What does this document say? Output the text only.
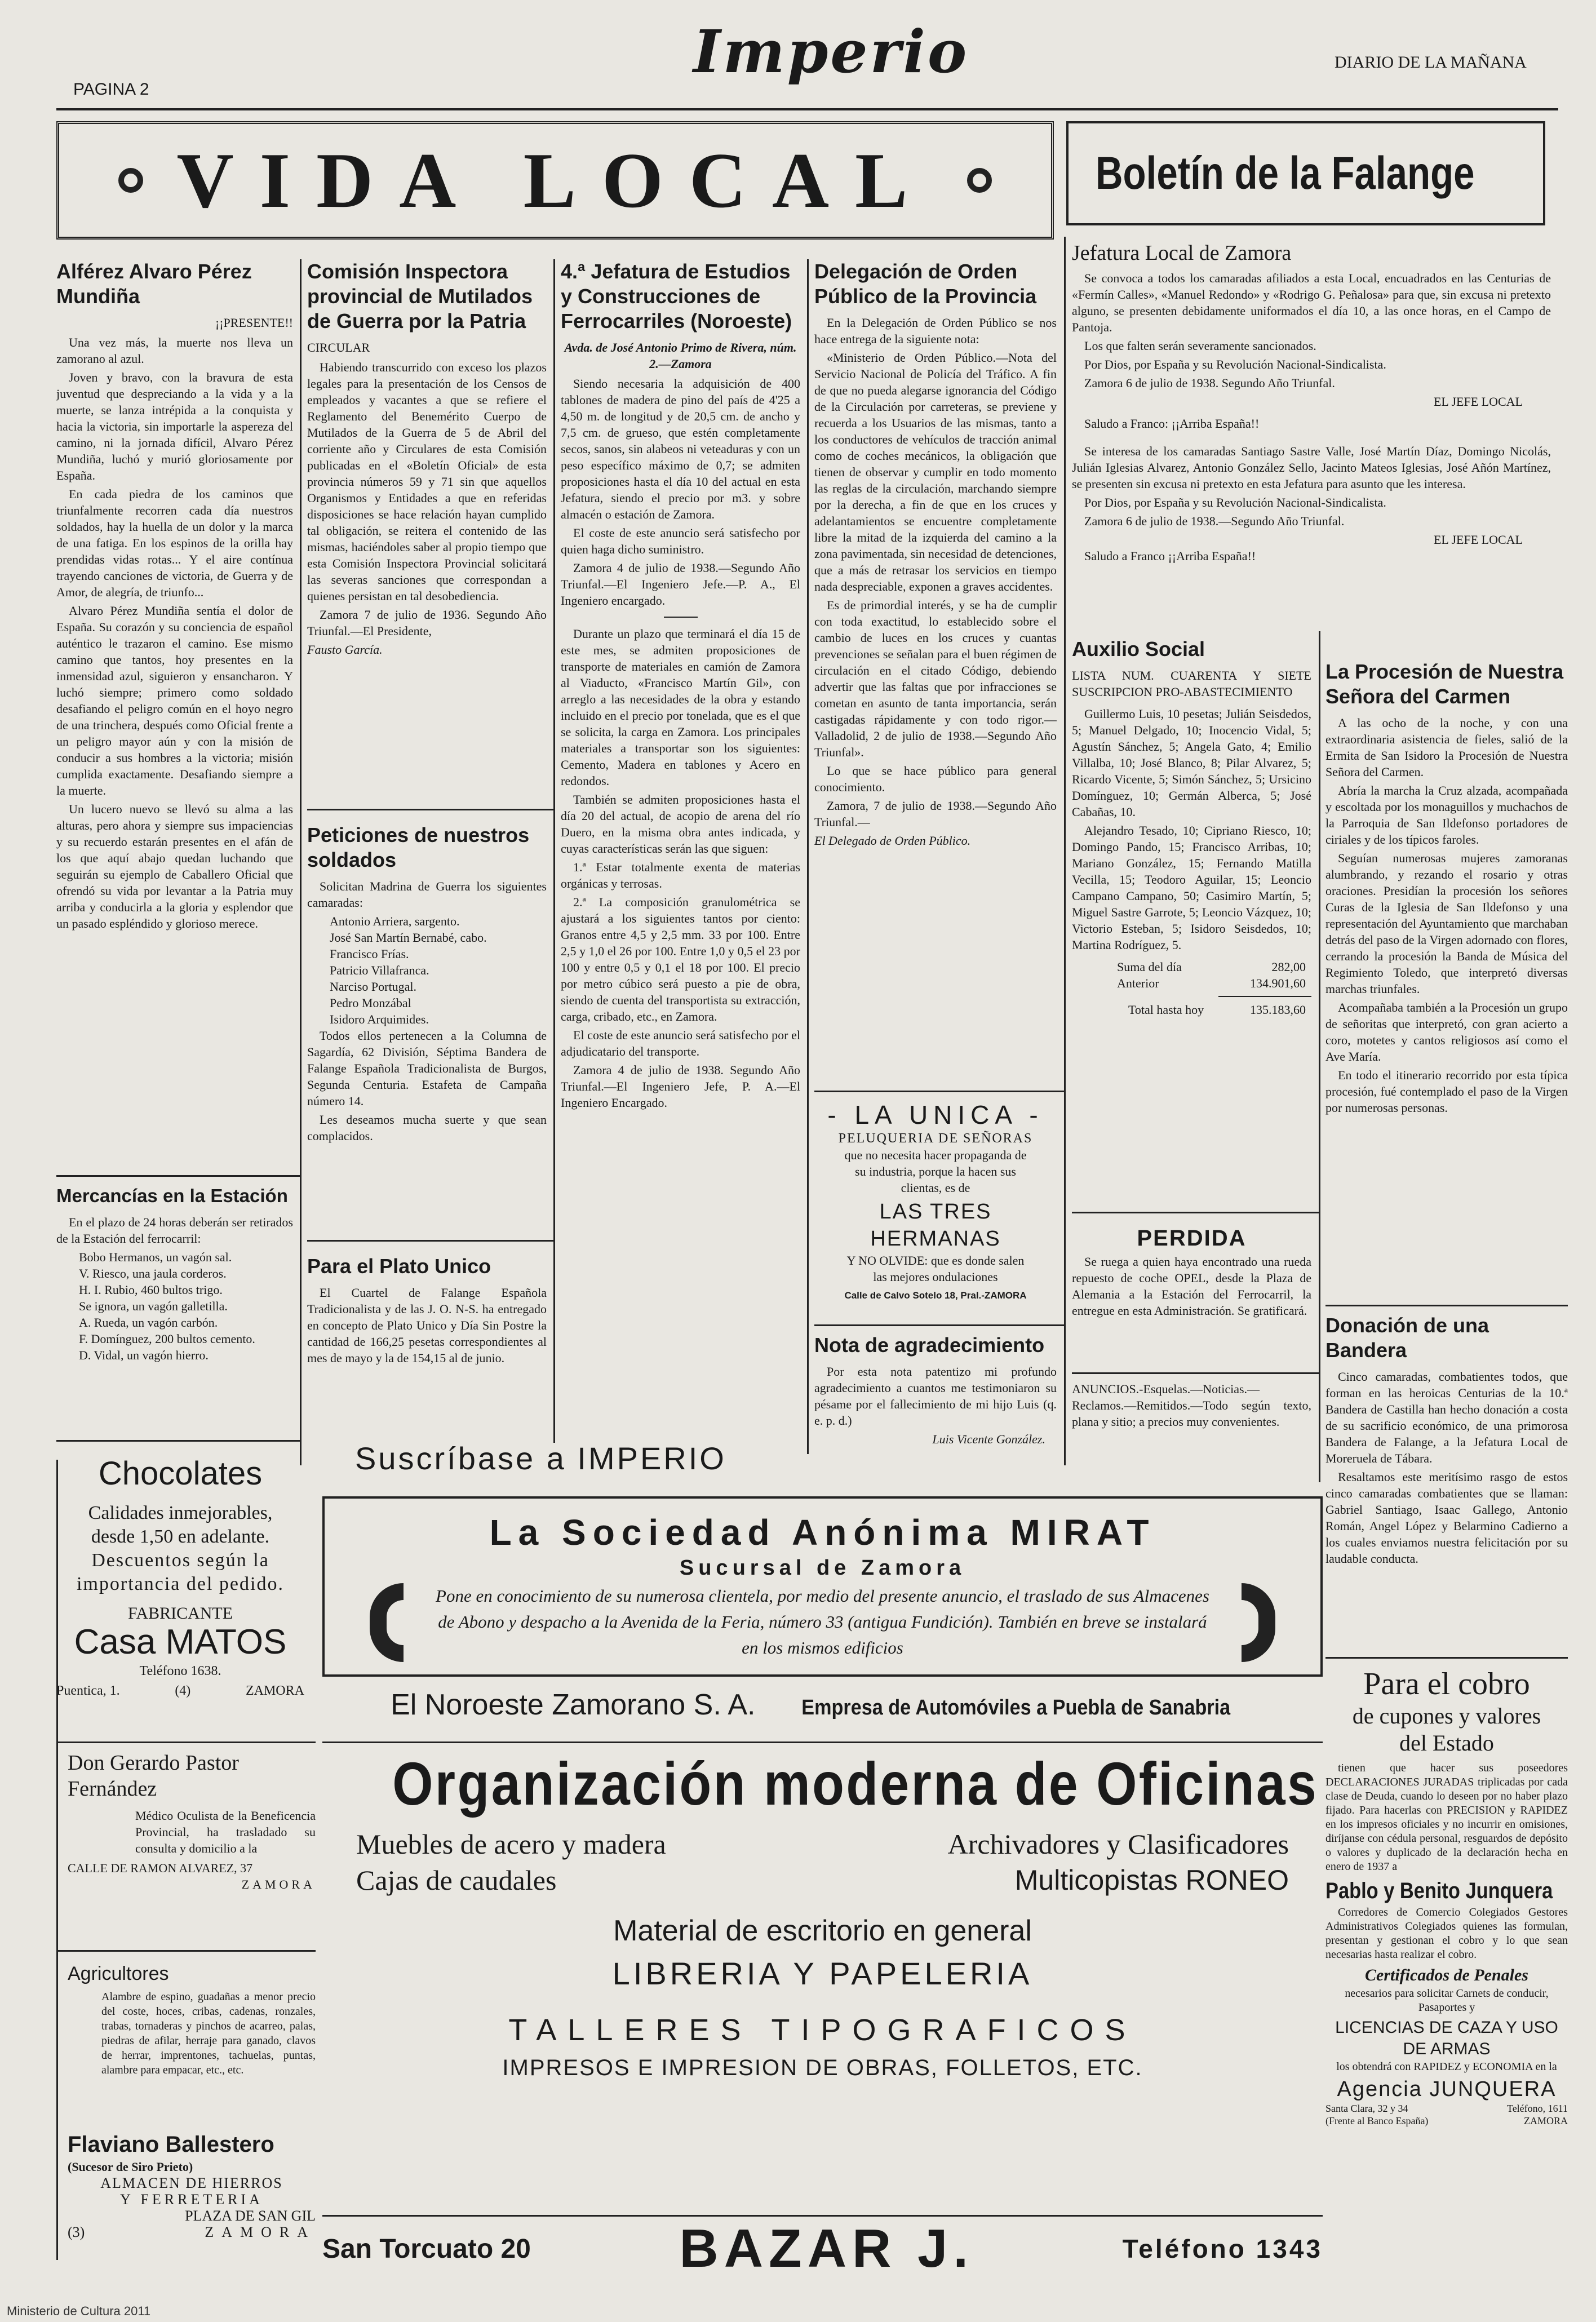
PAGINA 2
Imperio	DIARIO DE LA MAÑANA
VIDA LOCAL	Boletín de la Falange
Alférez Alvaro Pérez Mundiña
¡¡PRESENTE!!

Una vez más, la muerte nos lleva un zamorano al azul.

Joven y bravo, con la bravura de esta juventud que despreciando a la vida y a la muerte, se lanza intrépida a la conquista y hacia la victoria, sin importarle la aspereza del camino, ni la jornada difícil, Alvaro Pérez Mundiña, luchó y murió gloriosamente por España.

En cada piedra de los caminos que triunfalmente recorren cada día nuestros soldados, hay la huella de un dolor y la marca de una fatiga. En los espinos de la orilla hay prendidas vidas rotas... Y el aire contínua trayendo canciones de victoria, de Guerra y de Amor, de alegría, de triunfo...

Alvaro Pérez Mundiña sentía el dolor de España. Su corazón y su conciencia de español auténtico le trazaron el camino. Ese mismo camino que tantos, hoy presentes en la inmensidad azul, siguieron y ensancharon. Y luchó siempre; primero como soldado desafiando el peligro común en el hoyo negro de una trinchera, después como Oficial frente a un peligro mayor aún y con la misión de conducir a sus hombres a la victoria; misión cumplida exactamente. Desafiando siempre a la muerte.

Un lucero nuevo se llevó su alma a las alturas, pero ahora y siempre sus impaciencias y su recuerdo estarán presentes en el afán de los que aquí abajo quedan luchando que seguirán su ejemplo de Caballero Oficial que ofrendó su vida por levantar a la Patria muy arriba y conducirla a la gloria y esplendor que un pasado espléndido y glorioso merece.

Mercancías en la Estación

En el plazo de 24 horas deberán ser retirados de la Estación del ferrocarril:

Bobo Hermanos, un vagón sal.
V. Riesco, una jaula corderos.
H. I. Rubio, 460 bultos trigo.
Se ignora, un vagón galletilla.
A. Rueda, un vagón carbón.
F. Domínguez, 200 bultos cemento.
D. Vidal, un vagón hierro.
Chocolates
Calidades inmejorables,
desde 1,50 en adelante.
Descuentos según la importancia del pedido.
FABRICANTE
Casa MATOS
Teléfono 1638.
Puentica, 1.	(4)	ZAMORA
Don Gerardo Pastor Fernández

Médico Oculista de la Beneficencia Provincial, ha trasladado su consulta y domicilio a la

CALLE DE RAMON ALVAREZ, 37
ZAMORA
Agricultores

Alambre de espino, guadañas a menor precio del coste, hoces, cribas, cadenas, ronzales, trabas, tornaderas y pinchos de acarreo, palas, piedras de afilar, herraje para ganado, clavos de herrar, imprentones, tachuelas, puntas, alambre para empacar, etc., etc.

Flaviano Ballestero
(Sucesor de Siro Prieto)
ALMACEN DE HIERROS
Y FERRETERIA
PLAZA DE SAN GIL
(3)	ZAMORA
Comisión Inspectora provincial de Mutilados de Guerra por la Patria
CIRCULAR

Habiendo transcurrido con exceso los plazos legales para la presentación de los Censos de empleados y vacantes a que se refiere el Reglamento del Benemérito Cuerpo de Mutilados de la Guerra de 5 de Abril del corriente año y Circulares de esta Comisión publicadas en el «Boletín Oficial» de esta provincia números 59 y 71 sin que aquellos Organismos y Entidades a que en referidas disposiciones se hace relación hayan cumplido tal obligación, se reitera el contenido de las mismas, haciéndoles saber al propio tiempo que esta Comisión Inspectora Provincial solicitará las severas sanciones que correspondan a quienes persistan en tal desobediencia.

Zamora 7 de julio de 1936. Segundo Año Triunfal.—El Presidente,

Fausto García.
Peticiones de nuestros soldados

Solicitan Madrina de Guerra los siguientes camaradas:

Antonio Arriera, sargento.
José San Martín Bernabé, cabo.
Francisco Frías.
Patricio Villafranca.
Narciso Portugal.
Pedro Monzábal
Isidoro Arquimides.

Todos ellos pertenecen a la Columna de Sagardía, 62 División, Séptima Bandera de Falange Española Tradicionalista de Burgos, Segunda Centuria. Estafeta de Campaña número 14.

Les deseamos mucha suerte y que sean complacidos.

Para el Plato Unico

El Cuartel de Falange Española Tradicionalista y de las J. O. N-S. ha entregado en concepto de Plato Unico y Día Sin Postre la cantidad de 166,25 pesetas correspondientes al mes de mayo y la de 154,15 al de junio.

4.ª Jefatura de Estudios y Construcciones de Ferrocarriles (Noroeste)
Avda. de José Antonio Primo de Rivera, núm. 2.—Zamora

Siendo necesaria la adquisición de 400 tablones de madera de pino del país de 4'25 a 4,50 m. de longitud y de 20,5 cm. de ancho y 7,5 cm. de grueso, que estén completamente secos, sanos, sin alabeos ni veteaduras y con un peso específico máximo de 0,7; se admiten proposiciones hasta el día 10 del actual en esta Jefatura, siendo el precio por m3. y sobre almacén o estación de Zamora.

El coste de este anuncio será satisfecho por quien haga dicho suministro.

Zamora 4 de julio de 1938.—Segundo Año Triunfal.—El Ingeniero Jefe.—P. A., El Ingeniero encargado.

Durante un plazo que terminará el día 15 de este mes, se admiten proposiciones de transporte de materiales en camión de Zamora al Viaducto, «Francisco Martín Gil», con arreglo a las necesidades de la obra y estando incluido en el precio por tonelada, que es el que se solicita, la carga en Zamora. Los principales materiales a transportar son los siguientes: Cemento, Madera en tablones y Acero en redondos.

También se admiten proposiciones hasta el día 20 del actual, de acopio de arena del río Duero, en la misma obra antes indicada, y cuyas características serán las que siguen:

1.ª Estar totalmente exenta de materias orgánicas y terrosas.

2.ª La composición granulométrica se ajustará a los siguientes tantos por ciento: Granos entre 4,5 y 2,5 mm. 33 por 100. Entre 2,5 y 1,0 el 26 por 100. Entre 1,0 y 0,5 el 23 por 100 y entre 0,5 y 0,1 el 18 por 100. El precio por metro cúbico será puesto a pie de obra, siendo de cuenta del transportista su extracción, carga, cribado, etc., en Zamora.

El coste de este anuncio será satisfecho por el adjudicatario del transporte.

Zamora 4 de julio de 1938. Segundo Año Triunfal.—El Ingeniero Jefe, P. A.—El Ingeniero Encargado.

Delegación de Orden Público de la Provincia

En la Delegación de Orden Público se nos hace entrega de la siguiente nota:

«Ministerio de Orden Público.—Nota del Servicio Nacional de Policía del Tráfico. A fin de que no pueda alegarse ignorancia del Código de la Circulación por carreteras, se previene y recuerda a los Usuarios de las mismas, tanto a los conductores de vehículos de tracción animal como de coches mecánicos, la obligación que tienen de observar y cumplir en todo momento las reglas de la circulación, marchando siempre por la derecha, a fin de que en los cruces y adelantamientos se encuentre completamente libre la mitad de la izquierda del camino a la zona pavimentada, sin necesidad de detenciones, que a más de retrasar los servicios en tiempo nada despreciable, exponen a graves accidentes.

Es de primordial interés, y se ha de cumplir con toda exactitud, lo establecido sobre el cambio de luces en los cruces y cuantas prevenciones se señalan para el buen régimen de circulación en el citado Código, debiendo advertir que las faltas que por infracciones se cometan en asunto de tanta importancia, serán castigadas rápidamente y con todo rigor.—Valladolid, 2 de julio de 1938.—Segundo Año Triunfal».

Lo que se hace público para general conocimiento.

Zamora, 7 de julio de 1938.—Segundo Año Triunfal.—

El Delegado de Orden Público.
- LA UNICA -
PELUQUERIA DE SEÑORAS

que no necesita hacer propaganda de su industria, porque la hacen sus clientas, es de

LAS TRES HERMANAS

Y NO OLVIDE: que es donde salen las mejores ondulaciones

Calle de Calvo Sotelo 18, Pral.-ZAMORA
Nota de agradecimiento

Por esta nota patentizo mi profundo agradecimiento a cuantos me testimoniaron su pésame por el fallecimiento de mi hijo Luis (q. e. p. d.)

Luis Vicente González.
Suscríbase a IMPERIO
La Sociedad Anónima MIRAT
Sucursal de Zamora
Pone en conocimiento de su numerosa clientela, por medio del presente anuncio, el traslado de sus Almacenes de Abono y despacho a la Avenida de la Feria, número 33 (antigua Fundición). También en breve se instalará en los mismos edificios
El Noroeste Zamorano S. A. Empresa de Automóviles a Puebla de Sanabria
Organización moderna de Oficinas
Muebles de acero y madera	Archivadores y Clasificadores
Cajas de caudales	Multicopistas RONEO
Material de escritorio en general
LIBRERIA Y PAPELERIA
TALLERES TIPOGRAFICOS
IMPRESOS E IMPRESION DE OBRAS, FOLLETOS, ETC.
San Torcuato 20	BAZAR J.	Teléfono 1343
Jefatura Local de Zamora

Se convoca a todos los camaradas afiliados a esta Local, encuadrados en las Centurias de «Fermín Calles», «Manuel Redondo» y «Rodrigo G. Peñalosa» para que, sin excusa ni pretexto alguno, se presenten debidamente uniformados el día 10, a las once horas, en el Campo de Pantoja.

Los que falten serán severamente sancionados.

Por Dios, por España y su Revolución Nacional-Sindicalista.

Zamora 6 de julio de 1938. Segundo Año Triunfal.

EL JEFE LOCAL

Saludo a Franco: ¡¡Arriba España!!

Se interesa de los camaradas Santiago Sastre Valle, José Martín Díaz, Domingo Nicolás, Julián Iglesias Alvarez, Antonio González Sello, Jacinto Mateos Iglesias, José Añón Martínez, se presenten sin excusa ni pretexto en esta Jefatura para asunto que les interesa.

Por Dios, por España y su Revolución Nacional-Sindicalista.

Zamora 6 de julio de 1938.—Segundo Año Triunfal.

EL JEFE LOCAL

Saludo a Franco ¡¡Arriba España!!

Auxilio Social
LISTA NUM. CUARENTA Y SIETE SUSCRIPCION PRO-ABASTECIMIENTO

Guillermo Luis, 10 pesetas; Julián Seisdedos, 5; Manuel Delgado, 10; Inocencio Vidal, 5; Agustín Sánchez, 5; Angela Gato, 4; Emilio Villalba, 10; José Blanco, 8; Pilar Alvarez, 5; Ricardo Vicente, 5; Simón Sánchez, 5; Ursicino Domínguez, 10; Germán Alberca, 5; José Cabañas, 10.

Alejandro Tesado, 10; Cipriano Riesco, 10; Domingo Pando, 15; Francisco Arribas, 10; Mariano González, 15; Fernando Matilla Vecilla, 15; Teodoro Aguilar, 15; Leoncio Campano Campano, 50; Casimiro Martín, 5; Miguel Sastre Garrote, 5; Leoncio Vázquez, 10; Victorio Esteban, 5; Isidoro Seisdedos, 10; Martina Rodríguez, 5.

Suma del día	282,00
Anterior	134.901,60
Total hasta hoy	135.183,60
PERDIDA

Se ruega a quien haya encontrado una rueda repuesto de coche OPEL, desde la Plaza de Alemania a la Estación del Ferrocarril, la entregue en esta Administración. Se gratificará.

ANUNCIOS.-Esquelas.—Noticias.—Reclamos.—Remitidos.—Todo según texto, plana y sitio; a precios muy convenientes.

La Procesión de Nuestra Señora del Carmen

A las ocho de la noche, y con una extraordinaria asistencia de fieles, salió de la Ermita de San Isidoro la Procesión de Nuestra Señora del Carmen.

Abría la marcha la Cruz alzada, acompañada y escoltada por los monaguillos y muchachos de la Parroquia de San Ildefonso portadores de ciriales y de los típicos faroles.

Seguían numerosas mujeres zamoranas alumbrando, y rezando el rosario y otras oraciones. Presidían la procesión los señores Curas de la Iglesia de San Ildefonso y una representación del Ayuntamiento que marchaban detrás del paso de la Virgen adornado con flores, cerrando la procesión la Banda de Música del Regimiento Toledo, que interpretó diversas marchas triunfales.

Acompañaba también a la Procesión un grupo de señoritas que interpretó, con gran acierto a coro, motetes y cantos religiosos así como el Ave María.

En todo el itinerario recorrido por esta típica procesión, fué contemplado el paso de la Virgen por numerosas personas.

Donación de una Bandera

Cinco camaradas, combatientes todos, que forman en las heroicas Centurias de la 10.ª Bandera de Castilla han hecho donación a costa de su sacrificio económico, de una primorosa Bandera de Falange, a la Jefatura Local de Moreruela de Tábara.

Resaltamos este meritísimo rasgo de estos cinco camaradas combatientes que se llaman: Gabriel Santiago, Isaac Gallego, Antonio Román, Angel López y Belarmino Cadierno a los cuales enviamos nuestra felicitación por su laudable conducta.

Para el cobro
de cupones y valores
del Estado

tienen que hacer sus poseedores DECLARACIONES JURADAS triplicadas por cada clase de Deuda, cuando lo deseen por no haber plazo fijado. Para hacerlas con PRECISION y RAPIDEZ en los impresos oficiales y no incurrir en omisiones, diríjanse con cédula personal, resguardos de depósito o valores y duplicado de la declaración hecha en enero de 1937 a

Pablo y Benito Junquera

Corredores de Comercio Colegiados Gestores Administrativos Colegiados quienes las formulan, presentan y gestionan el cobro y lo que sean necesarias hasta realizar el cobro.

Certificados de Penales

necesarios para solicitar Carnets de conducir, Pasaportes y

LICENCIAS DE CAZA Y USO DE ARMAS

los obtendrá con RAPIDEZ y ECONOMIA en la

Agencia JUNQUERA
Santa Clara, 32 y 34	Teléfono, 1611
(Frente al Banco España)	ZAMORA
Ministerio de Cultura 2011
